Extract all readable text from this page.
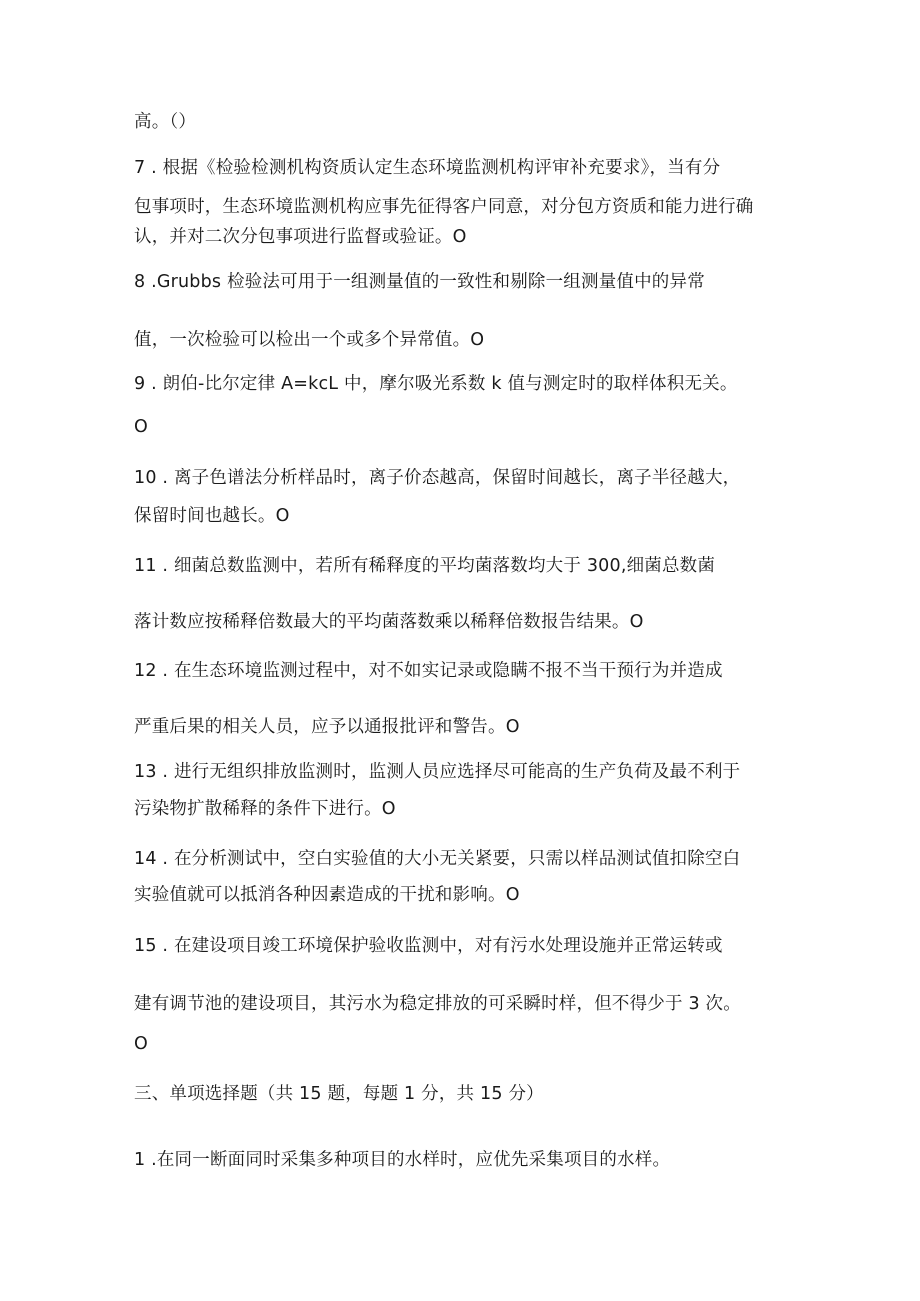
高。（）
7 . 根据《检验检测机构资质认定生态环境监测机构评审补充要求》，当有分
包事项时，生态环境监测机构应事先征得客户同意，对分包方资质和能力进行确
认，并对二次分包事项进行监督或验证。O
8 .Grubbs 检验法可用于一组测量值的一致性和剔除一组测量值中的异常
值，一次检验可以检出一个或多个异常值。O
9 . 朗伯-比尔定律 A=kcL 中，摩尔吸光系数 k 值与测定时的取样体积无关。
O
10 . 离子色谱法分析样品时，离子价态越高，保留时间越长，离子半径越大，
保留时间也越长。O
11 . 细菌总数监测中，若所有稀释度的平均菌落数均大于 300,细菌总数菌
落计数应按稀释倍数最大的平均菌落数乘以稀释倍数报告结果。O
12 . 在生态环境监测过程中，对不如实记录或隐瞒不报不当干预行为并造成
严重后果的相关人员，应予以通报批评和警告。O
13 . 进行无组织排放监测时，监测人员应选择尽可能高的生产负荷及最不利于
污染物扩散稀释的条件下进行。O
14 . 在分析测试中，空白实验值的大小无关紧要，只需以样品测试值扣除空白
实验值就可以抵消各种因素造成的干扰和影响。O
15 . 在建设项目竣工环境保护验收监测中，对有污水处理设施并正常运转或
建有调节池的建设项目，其污水为稳定排放的可采瞬时样，但不得少于 3 次。
O
三、单项选择题（共 15 题，每题 1 分，共 15 分）
1 .在同一断面同时采集多种项目的水样时，应优先采集项目的水样。
